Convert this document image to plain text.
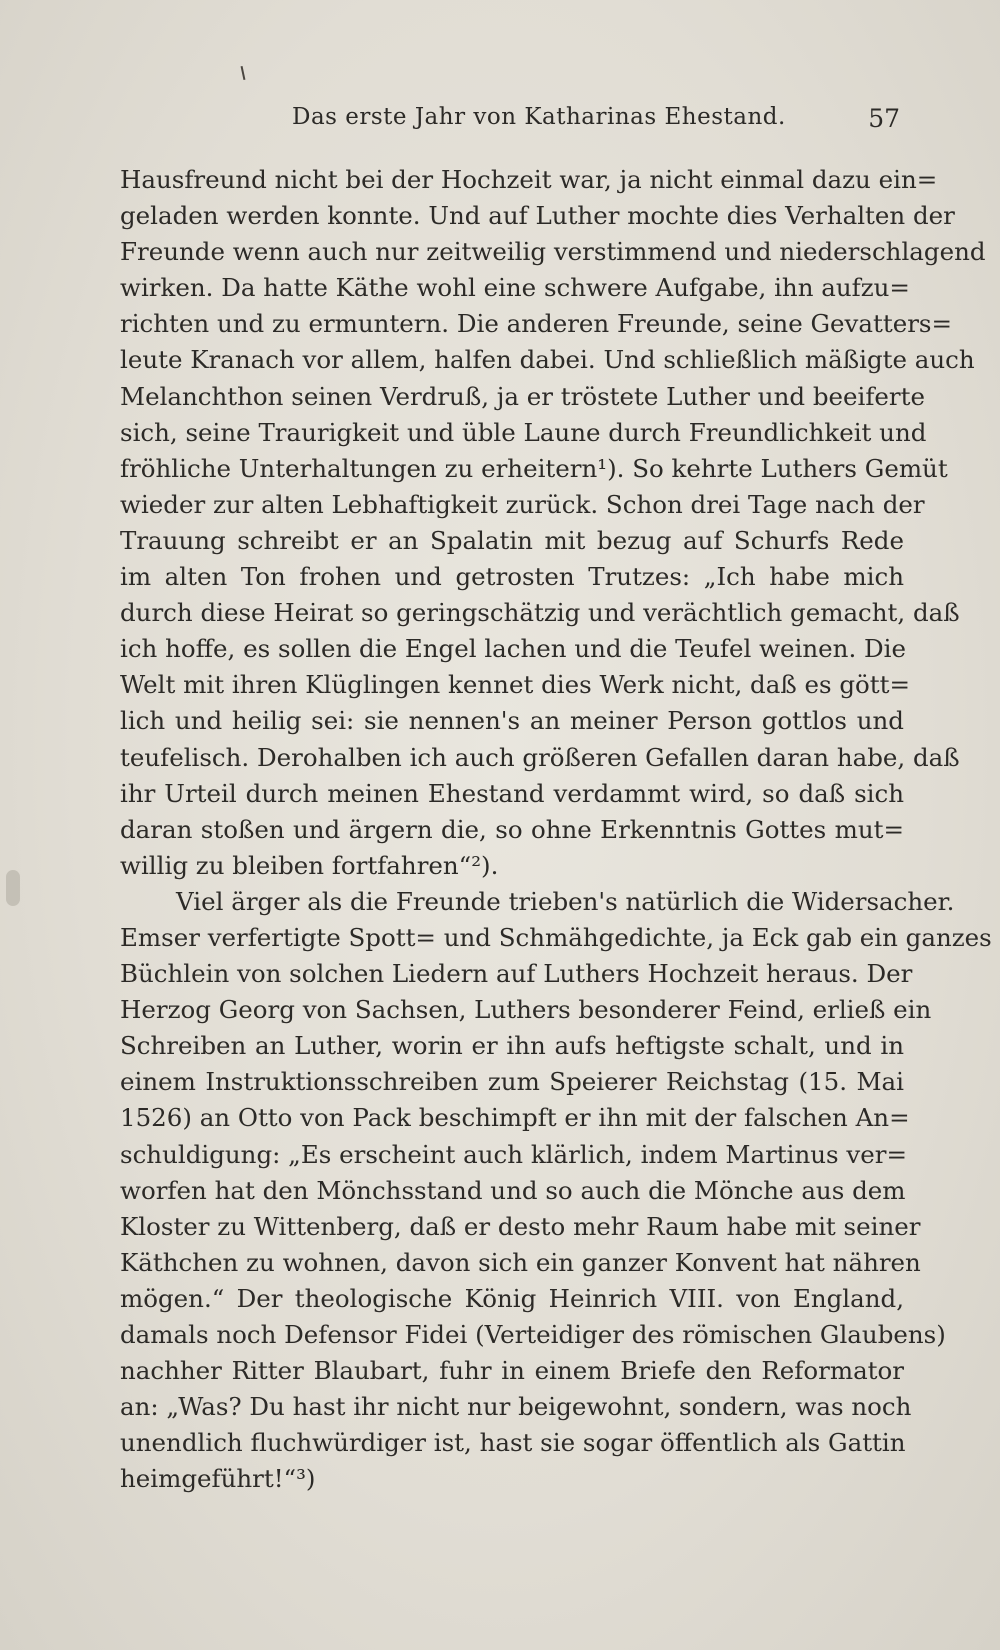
Das erste Jahr von Katharinas Ehestand.	57
Hausfreund nicht bei der Hochzeit war, ja nicht einmal dazu ein=
geladen werden konnte. Und auf Luther mochte dies Verhalten der
Freunde wenn auch nur zeitweilig verstimmend und niederschlagend
wirken. Da hatte Käthe wohl eine schwere Aufgabe, ihn aufzu=
richten und zu ermuntern. Die anderen Freunde, seine Gevatters=
leute Kranach vor allem, halfen dabei. Und schließlich mäßigte auch
Melanchthon seinen Verdruß, ja er tröstete Luther und beeiferte
sich, seine Traurigkeit und üble Laune durch Freundlichkeit und
fröhliche Unterhaltungen zu erheitern¹). So kehrte Luthers Gemüt
wieder zur alten Lebhaftigkeit zurück. Schon drei Tage nach der
Trauung schreibt er an Spalatin mit bezug auf Schurfs Rede
im alten Ton frohen und getrosten Trutzes: „Ich habe mich
durch diese Heirat so geringschätzig und verächtlich gemacht, daß
ich hoffe, es sollen die Engel lachen und die Teufel weinen. Die
Welt mit ihren Klüglingen kennet dies Werk nicht, daß es gött=
lich und heilig sei: sie nennen's an meiner Person gottlos und
teufelisch. Derohalben ich auch größeren Gefallen daran habe, daß
ihr Urteil durch meinen Ehestand verdammt wird, so daß sich
daran stoßen und ärgern die, so ohne Erkenntnis Gottes mut=
willig zu bleiben fortfahren“²).
Viel ärger als die Freunde trieben's natürlich die Widersacher.
Emser verfertigte Spott= und Schmähgedichte, ja Eck gab ein ganzes
Büchlein von solchen Liedern auf Luthers Hochzeit heraus. Der
Herzog Georg von Sachsen, Luthers besonderer Feind, erließ ein
Schreiben an Luther, worin er ihn aufs heftigste schalt, und in
einem Instruktionsschreiben zum Speierer Reichstag (15. Mai
1526) an Otto von Pack beschimpft er ihn mit der falschen An=
schuldigung: „Es erscheint auch klärlich, indem Martinus ver=
worfen hat den Mönchsstand und so auch die Mönche aus dem
Kloster zu Wittenberg, daß er desto mehr Raum habe mit seiner
Käthchen zu wohnen, davon sich ein ganzer Konvent hat nähren
mögen.“ Der theologische König Heinrich VIII. von England,
damals noch Defensor Fidei (Verteidiger des römischen Glaubens)
nachher Ritter Blaubart, fuhr in einem Briefe den Reformator
an: „Was? Du hast ihr nicht nur beigewohnt, sondern, was noch
unendlich fluchwürdiger ist, hast sie sogar öffentlich als Gattin
heimgeführt!“³)
